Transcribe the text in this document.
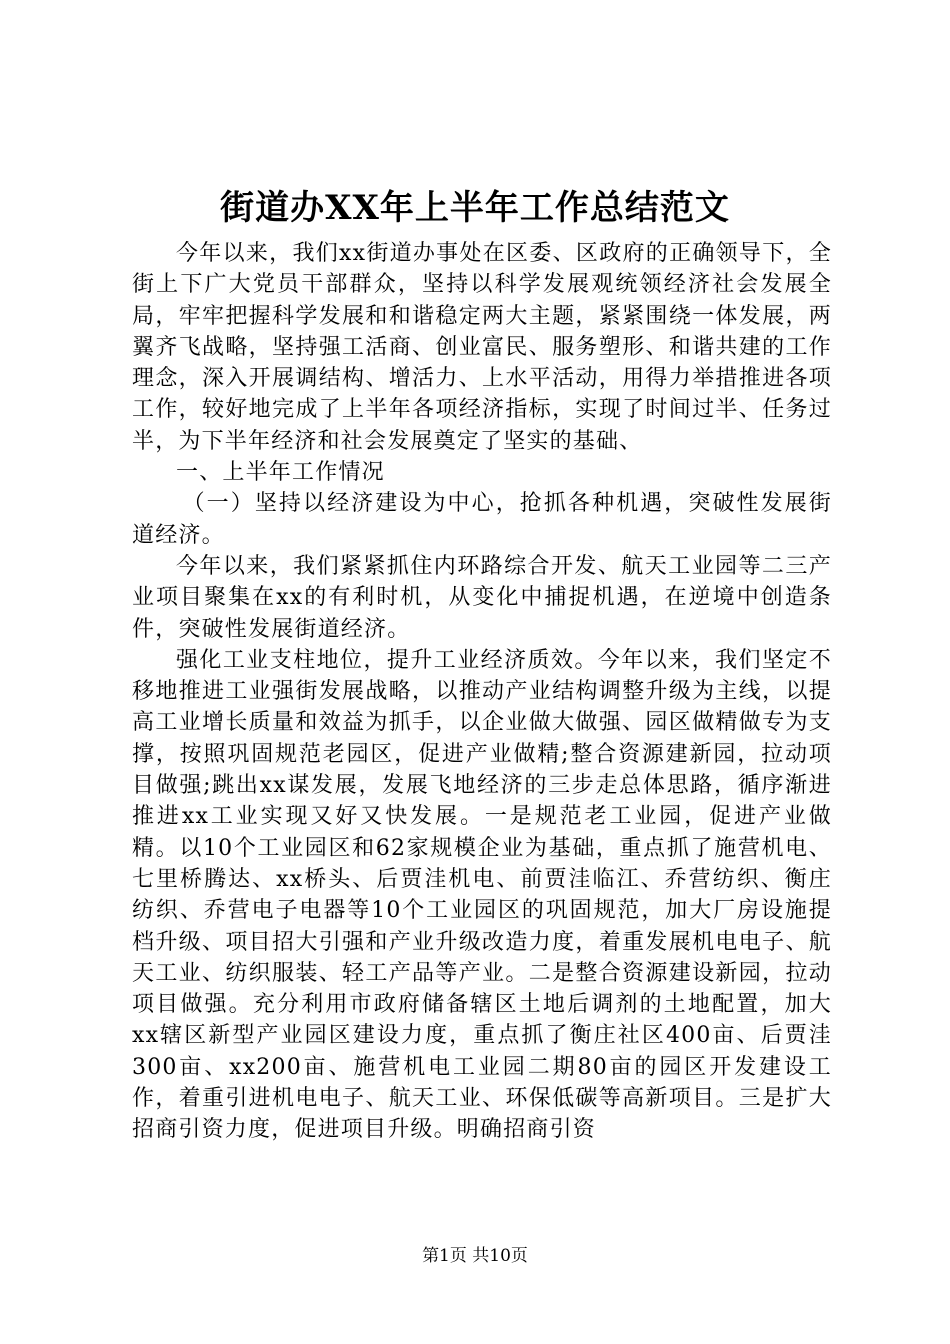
街道办XX年上半年工作总结范文

今年以来，我们xx街道办事处在区委、区政府的正确领导下，全街上下广大党员干部群众，坚持以科学发展观统领经济社会发展全局，牢牢把握科学发展和和谐稳定两大主题，紧紧围绕一体发展，两翼齐飞战略，坚持强工活商、创业富民、服务塑形、和谐共建的工作理念，深入开展调结构、增活力、上水平活动，用得力举措推进各项工作，较好地完成了上半年各项经济指标，实现了时间过半、任务过半，为下半年经济和社会发展奠定了坚实的基础、

一、上半年工作情况

（一）坚持以经济建设为中心，抢抓各种机遇，突破性发展街道经济。

今年以来，我们紧紧抓住内环路综合开发、航天工业园等二三产业项目聚集在xx的有利时机，从变化中捕捉机遇，在逆境中创造条件，突破性发展街道经济。

强化工业支柱地位，提升工业经济质效。今年以来，我们坚定不移地推进工业强街发展战略，以推动产业结构调整升级为主线，以提高工业增长质量和效益为抓手，以企业做大做强、园区做精做专为支撑，按照巩固规范老园区，促进产业做精;整合资源建新园，拉动项目做强;跳出xx谋发展，发展飞地经济的三步走总体思路，循序渐进推进xx工业实现又好又快发展。一是规范老工业园，促进产业做精。以10个工业园区和62家规模企业为基础，重点抓了施营机电、七里桥腾达、xx桥头、后贾洼机电、前贾洼临江、乔营纺织、衡庄纺织、乔营电子电器等10个工业园区的巩固规范，加大厂房设施提档升级、项目招大引强和产业升级改造力度，着重发展机电电子、航天工业、纺织服装、轻工产品等产业。二是整合资源建设新园，拉动项目做强。充分利用市政府储备辖区土地后调剂的土地配置，加大xx辖区新型产业园区建设力度，重点抓了衡庄社区400亩、后贾洼300亩、xx200亩、施营机电工业园二期80亩的园区开发建设工作，着重引进机电电子、航天工业、环保低碳等高新项目。三是扩大招商引资力度，促进项目升级。明确招商引资

第1页 共10页
